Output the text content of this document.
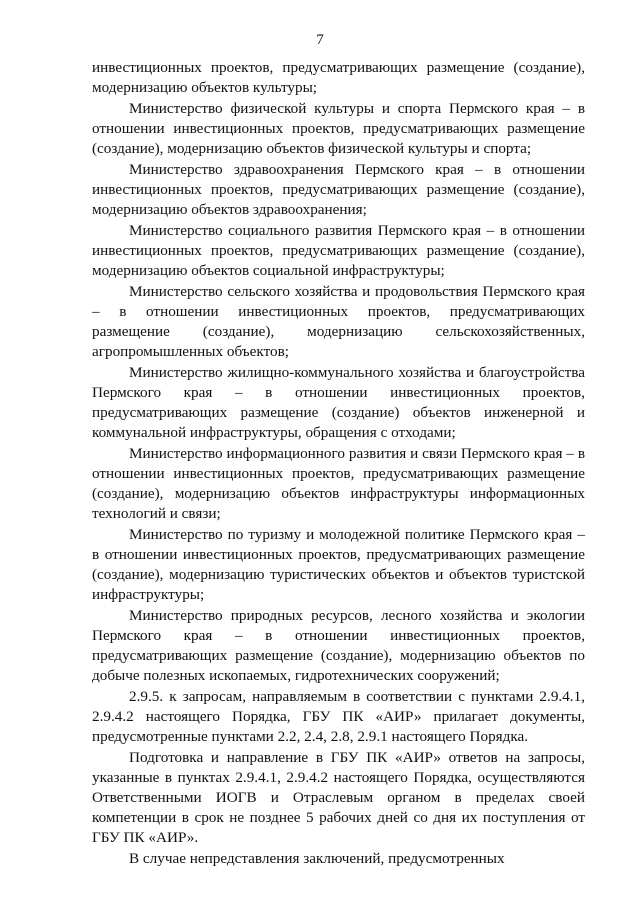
7

инвестиционных проектов, предусматривающих размещение (создание), модернизацию объектов культуры;

Министерство физической культуры и спорта Пермского края – в отношении инвестиционных проектов, предусматривающих размещение (создание), модернизацию объектов физической культуры и спорта;

Министерство здравоохранения Пермского края – в отношении инвестиционных проектов, предусматривающих размещение (создание), модернизацию объектов здравоохранения;

Министерство социального развития Пермского края – в отношении инвестиционных проектов, предусматривающих размещение (создание), модернизацию объектов социальной инфраструктуры;

Министерство сельского хозяйства и продовольствия Пермского края – в отношении инвестиционных проектов, предусматривающих размещение (создание), модернизацию сельскохозяйственных, агропромышленных объектов;

Министерство жилищно-коммунального хозяйства и благоустройства Пермского края – в отношении инвестиционных проектов, предусматривающих размещение (создание) объектов инженерной и коммунальной инфраструктуры, обращения с отходами;

Министерство информационного развития и связи Пермского края – в отношении инвестиционных проектов, предусматривающих размещение (создание), модернизацию объектов инфраструктуры информационных технологий и связи;

Министерство по туризму и молодежной политике Пермского края – в отношении инвестиционных проектов, предусматривающих размещение (создание), модернизацию туристических объектов и объектов туристской инфраструктуры;

Министерство природных ресурсов, лесного хозяйства и экологии Пермского края – в отношении инвестиционных проектов, предусматривающих размещение (создание), модернизацию объектов по добыче полезных ископаемых, гидротехнических сооружений;

2.9.5. к запросам, направляемым в соответствии с пунктами 2.9.4.1, 2.9.4.2 настоящего Порядка, ГБУ ПК «АИР» прилагает документы, предусмотренные пунктами 2.2, 2.4, 2.8, 2.9.1 настоящего Порядка.

Подготовка и направление в ГБУ ПК «АИР» ответов на запросы, указанные в пунктах 2.9.4.1, 2.9.4.2 настоящего Порядка, осуществляются Ответственными ИОГВ и Отраслевым органом в пределах своей компетенции в срок не позднее 5 рабочих дней со дня их поступления от ГБУ ПК «АИР».

В случае непредставления заключений, предусмотренных
